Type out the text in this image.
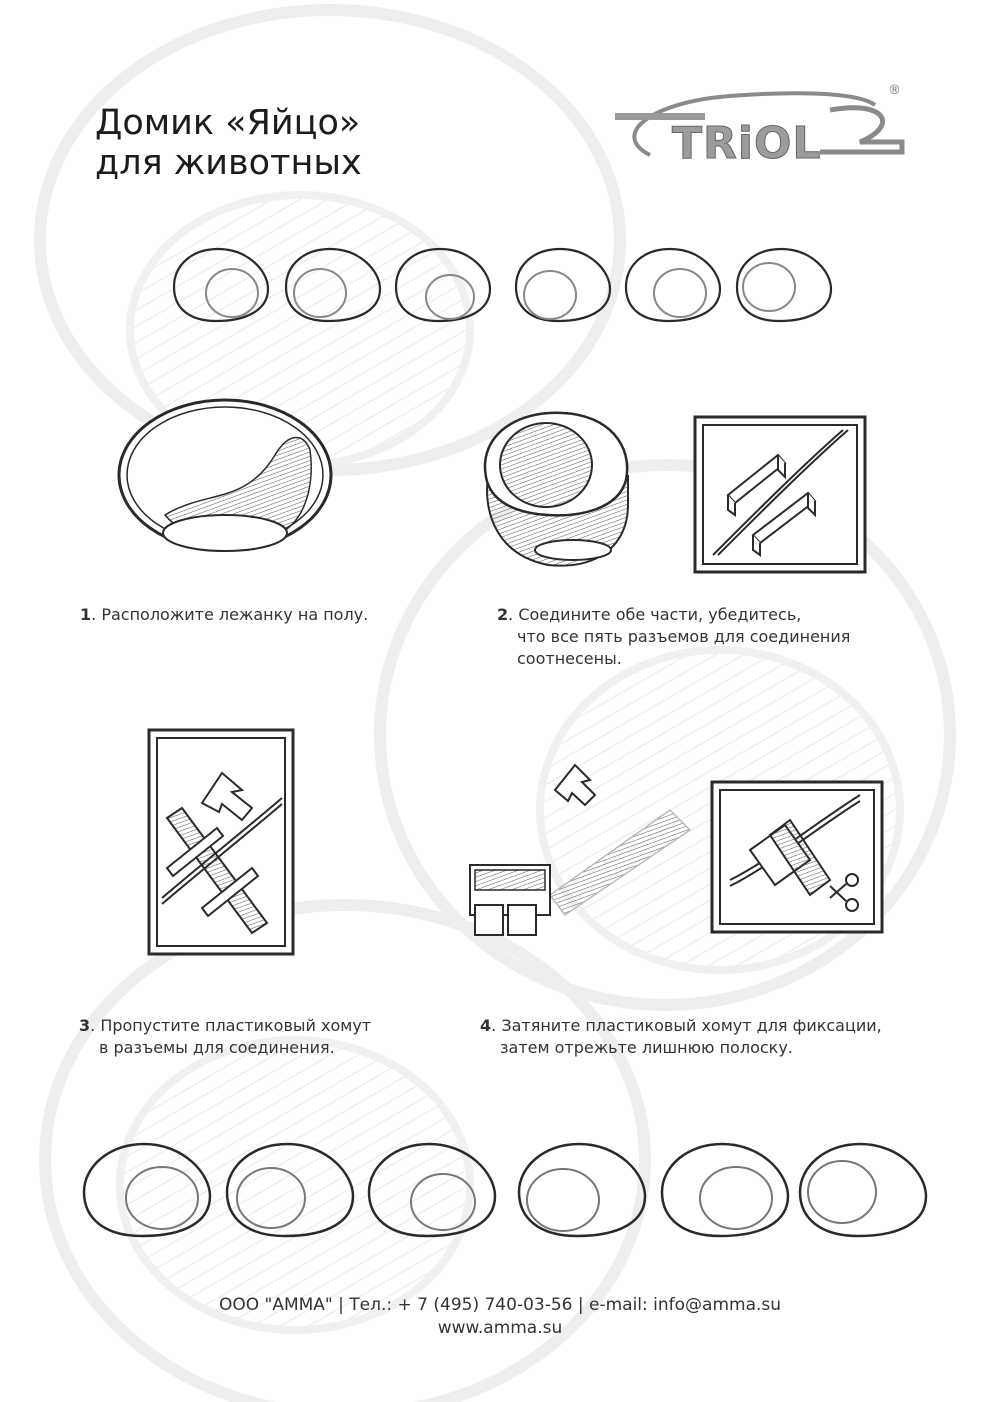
Домик «Яйцо»
для животных	TRiOL
®
1. Расположите лежанку на полу.	2. Соедините обе части, убедитесь,
что все пять разъемов для соединения
соотнесены.
3. Пропустите пластиковый хомут
в разъемы для соединения.
4. Затяните пластиковый хомут для фиксации,
затем отрежьте лишнюю полоску.
ООО "АММА" | Тел.: + 7 (495) 740-03-56 | e-mail: info@amma.su
www.amma.su
